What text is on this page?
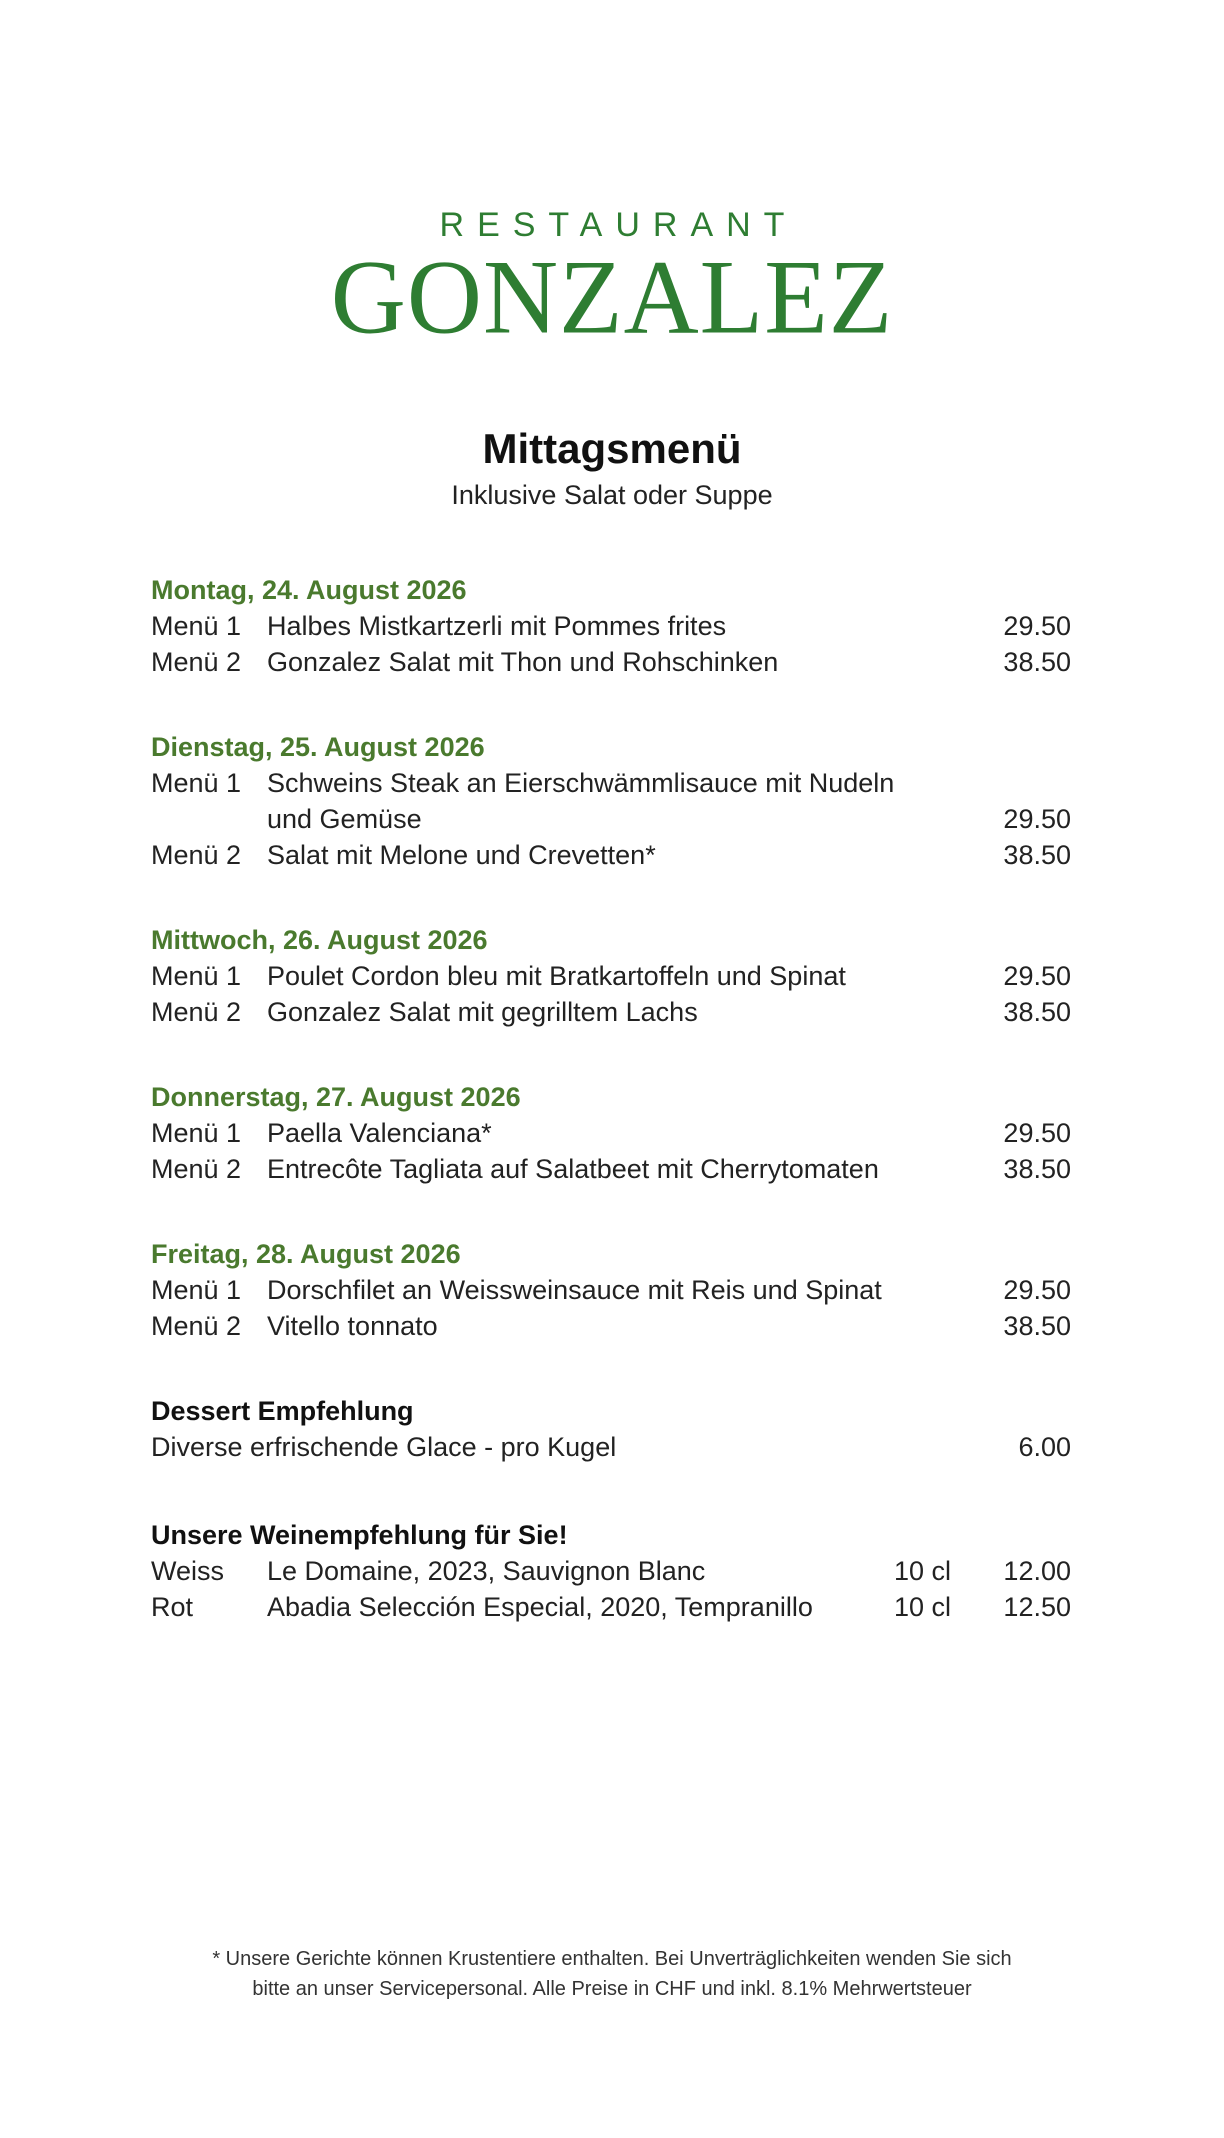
RESTAURANT
GONZALEZ
Mittagsmenü
Inklusive Salat oder Suppe
Montag, 24. August 2026
Menü 1 Halbes Mistkartzerli mit Pommes frites	29.50
Menü 2 Gonzalez Salat mit Thon und Rohschinken	38.50
Dienstag, 25. August 2026
Menü 1 Schweins Steak an Eierschwämmlisauce mit Nudeln und Gemüse	29.50
Menü 2 Salat mit Melone und Crevetten*	38.50
Mittwoch, 26. August 2026
Menü 1 Poulet Cordon bleu mit Bratkartoffeln und Spinat	29.50
Menü 2 Gonzalez Salat mit gegrilltem Lachs	38.50
Donnerstag, 27. August 2026
Menü 1 Paella Valenciana*	29.50
Menü 2 Entrecôte Tagliata auf Salatbeet mit Cherrytomaten	38.50
Freitag, 28. August 2026
Menü 1 Dorschfilet an Weissweinsauce mit Reis und Spinat	29.50
Menü 2 Vitello tonnato	38.50
Dessert Empfehlung
Diverse erfrischende Glace - pro Kugel	6.00
Unsere Weinempfehlung für Sie!
Weiss	Le Domaine, 2023, Sauvignon Blanc	10 cl	12.00
Rot	Abadia Selección Especial, 2020, Tempranillo	10 cl	12.50
* Unsere Gerichte können Krustentiere enthalten. Bei Unverträglichkeiten wenden Sie sich
bitte an unser Servicepersonal. Alle Preise in CHF und inkl. 8.1% Mehrwertsteuer
